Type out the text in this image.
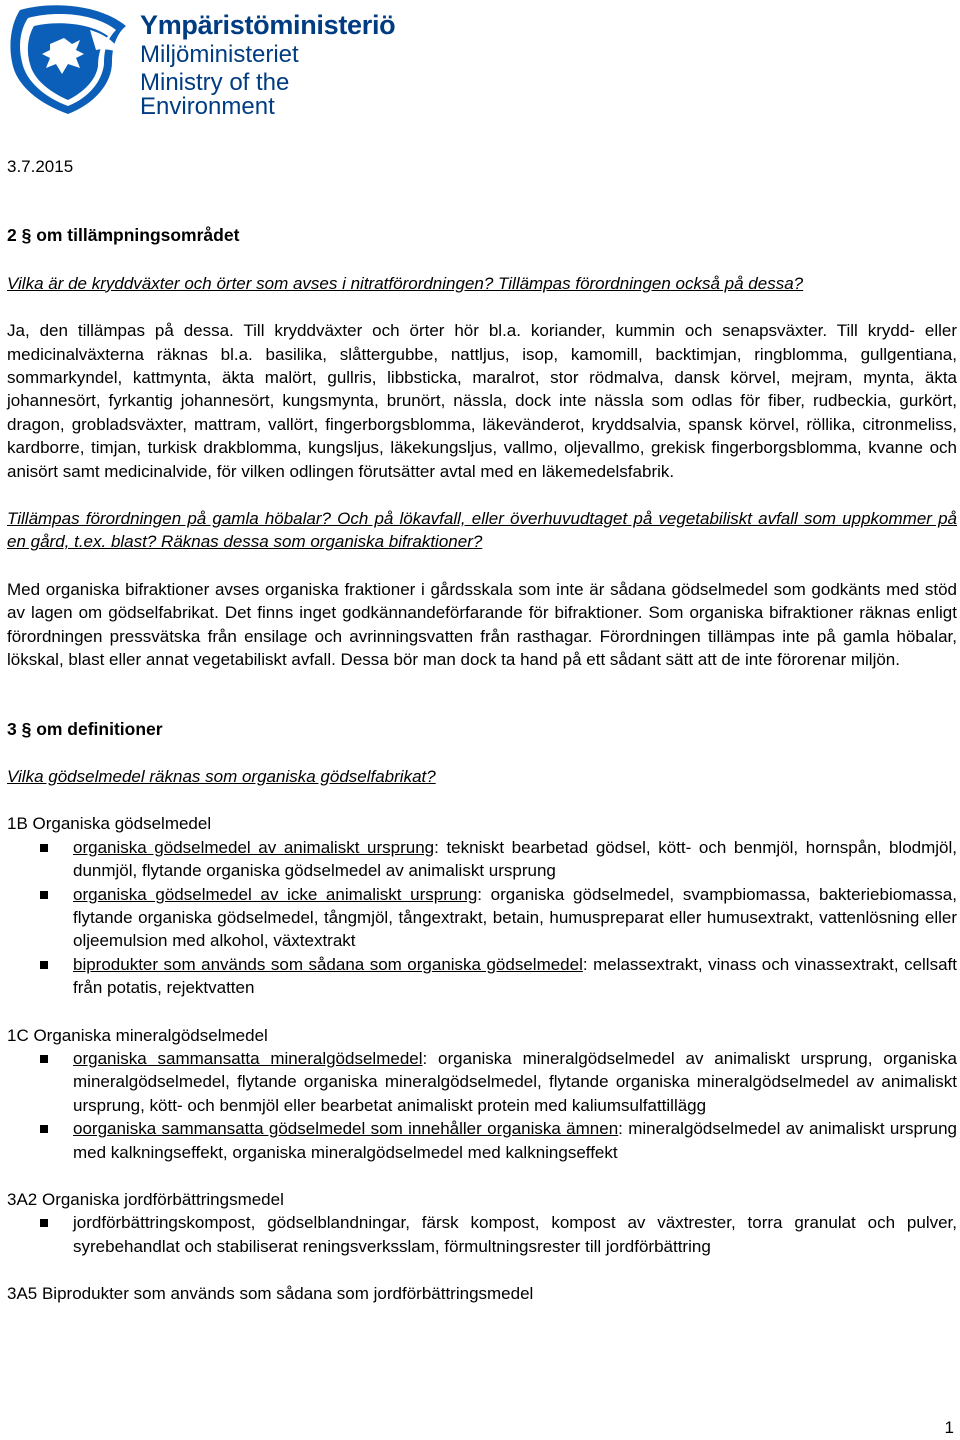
Ympäristöministeriö
Miljöministeriet
Ministry of the Environment

3.7.2015

2 § om tillämpningsområdet

Vilka är de kryddväxter och örter som avses i nitratförordningen? Tillämpas förordningen också på dessa?

Ja, den tillämpas på dessa. Till kryddväxter och örter hör bl.a. koriander, kummin och senapsväxter. Till krydd- eller medicinalväxterna räknas bl.a. basilika, slåttergubbe, nattljus, isop, kamomill, backtimjan, ringblomma, gullgentiana, sommarkyndel, kattmynta, äkta malört, gullris, libbsticka, maralrot, stor rödmalva, dansk körvel, mejram, mynta, äkta johannesört, fyrkantig johannesört, kungsmynta, brunört, nässla, dock inte nässla som odlas för fiber, rudbeckia, gurkört, dragon, grobladsväxter, mattram, vallört, fingerborgsblomma, läkevänderot, kryddsalvia, spansk körvel, röllika, citronmeliss, kardborre, timjan, turkisk drakblomma, kungsljus, läkekungsljus, vallmo, oljevallmo, grekisk fingerborgsblomma, kvanne och anisört samt medicinalvide, för vilken odlingen förutsätter avtal med en läkemedelsfabrik.

Tillämpas förordningen på gamla höbalar? Och på lökavfall, eller överhuvudtaget på vegetabiliskt avfall som uppkommer på en gård, t.ex. blast? Räknas dessa som organiska bifraktioner?

Med organiska bifraktioner avses organiska fraktioner i gårdsskala som inte är sådana gödselmedel som godkänts med stöd av lagen om gödselfabrikat. Det finns inget godkännandeförfarande för bifraktioner. Som organiska bifraktioner räknas enligt förordningen pressvätska från ensilage och avrinningsvatten från rasthagar. Förordningen tillämpas inte på gamla höbalar, lökskal, blast eller annat vegetabiliskt avfall. Dessa bör man dock ta hand på ett sådant sätt att de inte förorenar miljön.

3 § om definitioner

Vilka gödselmedel räknas som organiska gödselfabrikat?

1B Organiska gödselmedel

organiska gödselmedel av animaliskt ursprung: tekniskt bearbetad gödsel, kött- och benmjöl, hornspån, blodmjöl, dunmjöl, flytande organiska gödselmedel av animaliskt ursprung
organiska gödselmedel av icke animaliskt ursprung: organiska gödselmedel, svampbiomassa, bakteriebiomassa, flytande organiska gödselmedel, tångmjöl, tångextrakt, betain, humuspreparat eller humusextrakt, vattenlösning eller oljeemulsion med alkohol, växtextrakt
biprodukter som används som sådana som organiska gödselmedel: melassextrakt, vinass och vinassextrakt, cellsaft från potatis, rejektvatten

1C Organiska mineralgödselmedel

organiska sammansatta mineralgödselmedel: organiska mineralgödselmedel av animaliskt ursprung, organiska mineralgödselmedel, flytande organiska mineralgödselmedel, flytande organiska mineralgödselmedel av animaliskt ursprung, kött- och benmjöl eller bearbetat animaliskt protein med kaliumsulfattillägg
oorganiska sammansatta gödselmedel som innehåller organiska ämnen: mineralgödselmedel av animaliskt ursprung med kalkningseffekt, organiska mineralgödselmedel med kalkningseffekt

3A2 Organiska jordförbättringsmedel

jordförbättringskompost, gödselblandningar, färsk kompost, kompost av växtrester, torra granulat och pulver, syrebehandlat och stabiliserat reningsverksslam, förmultningsrester till jordförbättring

3A5 Biprodukter som används som sådana som jordförbättringsmedel

1
